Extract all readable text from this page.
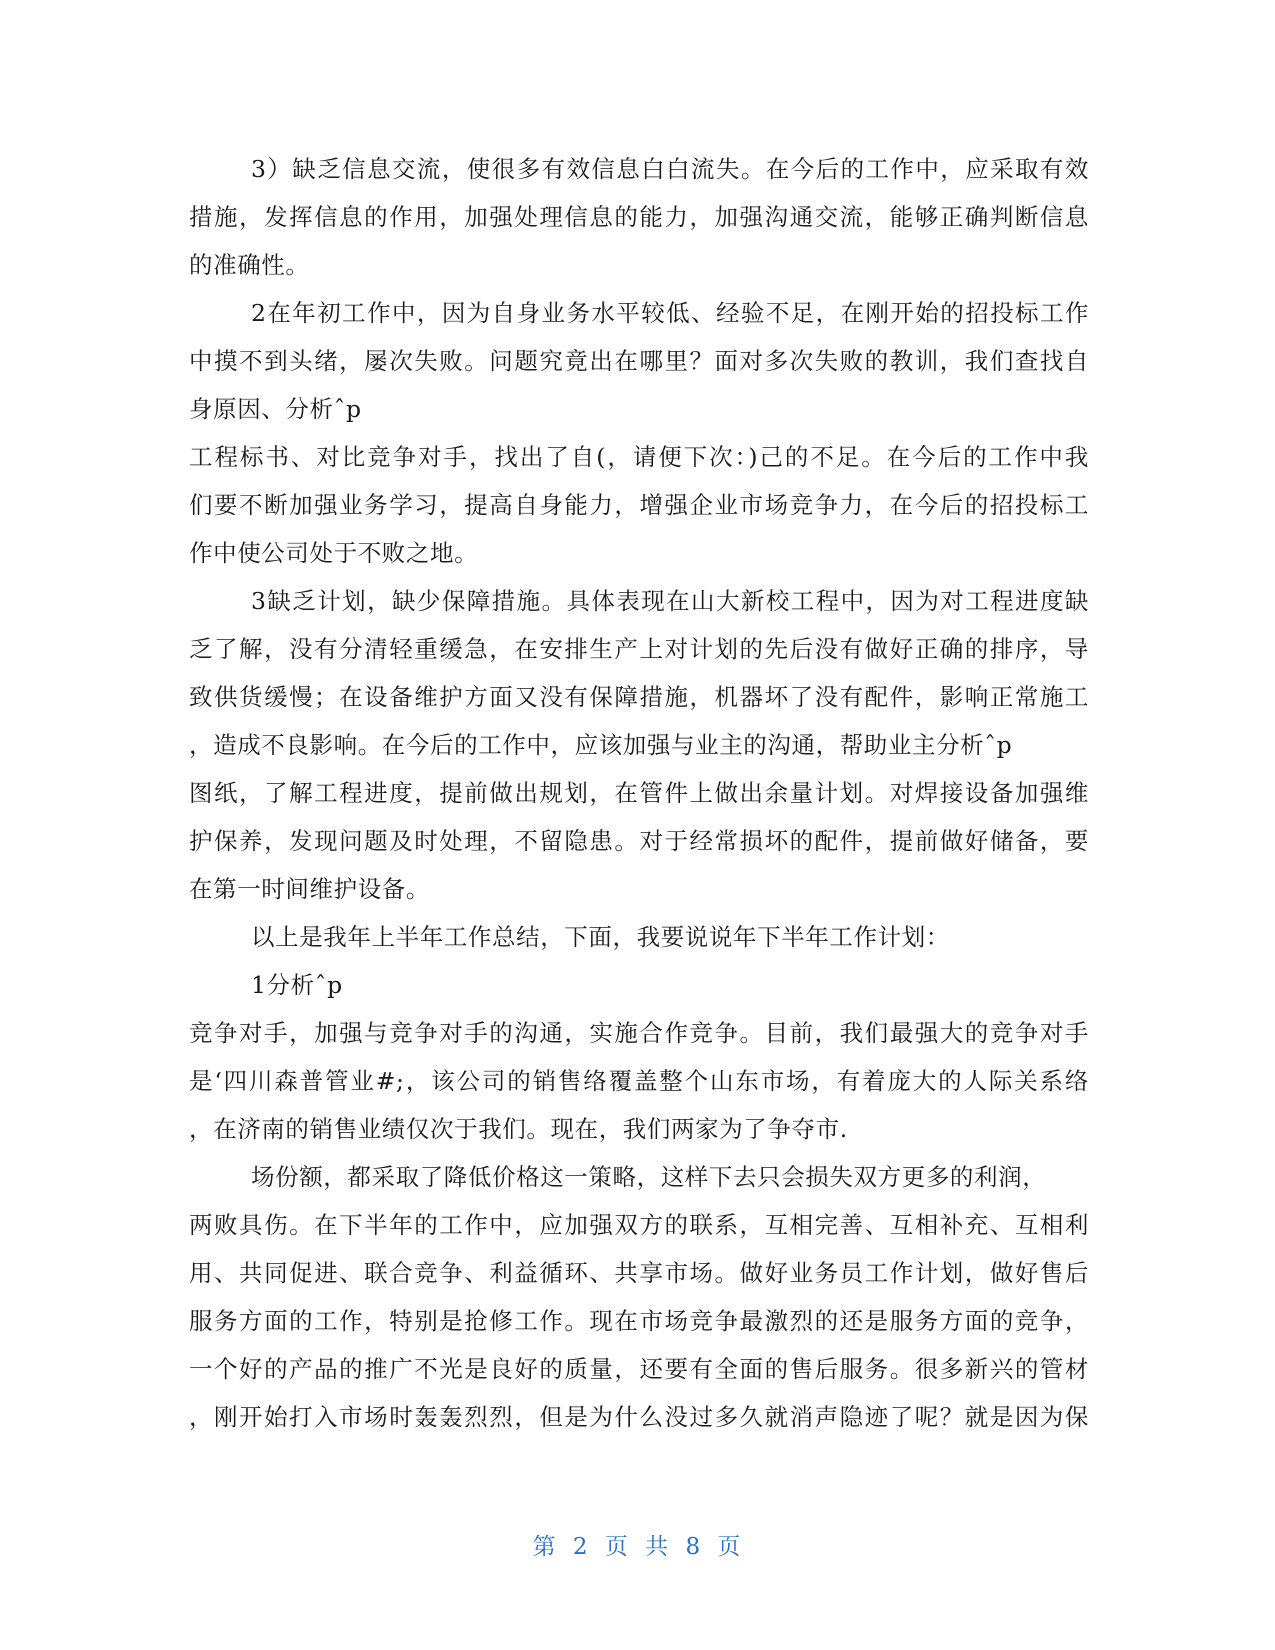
3）缺乏信息交流，使很多有效信息白白流失。在今后的工作中，应采取有效
措施，发挥信息的作用，加强处理信息的能力，加强沟通交流，能够正确判断信息
的准确性。
2在年初工作中，因为自身业务水平较低、经验不足，在刚开始的招投标工作
中摸不到头绪，屡次失败。问题究竟出在哪里？面对多次失败的教训，我们查找自
身原因、分析ˆp
工程标书、对比竞争对手，找出了自(，请便下次：)己的不足。在今后的工作中我
们要不断加强业务学习，提高自身能力，增强企业市场竞争力，在今后的招投标工
作中使公司处于不败之地。
3缺乏计划，缺少保障措施。具体表现在山大新校工程中，因为对工程进度缺
乏了解，没有分清轻重缓急，在安排生产上对计划的先后没有做好正确的排序，导
致供货缓慢；在设备维护方面又没有保障措施，机器坏了没有配件，影响正常施工
，造成不良影响。在今后的工作中，应该加强与业主的沟通，帮助业主分析ˆp
图纸，了解工程进度，提前做出规划，在管件上做出余量计划。对焊接设备加强维
护保养，发现问题及时处理，不留隐患。对于经常损坏的配件，提前做好储备，要
在第一时间维护设备。
以上是我年上半年工作总结，下面，我要说说年下半年工作计划：
1分析ˆp
竞争对手，加强与竞争对手的沟通，实施合作竞争。目前，我们最强大的竞争对手
是‘四川森普管业#;，该公司的销售络覆盖整个山东市场，有着庞大的人际关系络
，在济南的销售业绩仅次于我们。现在，我们两家为了争夺市.
场份额，都采取了降低价格这一策略，这样下去只会损失双方更多的利润，
两败具伤。在下半年的工作中，应加强双方的联系，互相完善、互相补充、互相利
用、共同促进、联合竞争、利益循环、共享市场。做好业务员工作计划，做好售后
服务方面的工作，特别是抢修工作。现在市场竞争最激烈的还是服务方面的竞争，
一个好的产品的推广不光是良好的质量，还要有全面的售后服务。很多新兴的管材
，刚开始打入市场时轰轰烈烈，但是为什么没过多久就消声隐迹了呢？就是因为保
第 2 页 共 8 页
